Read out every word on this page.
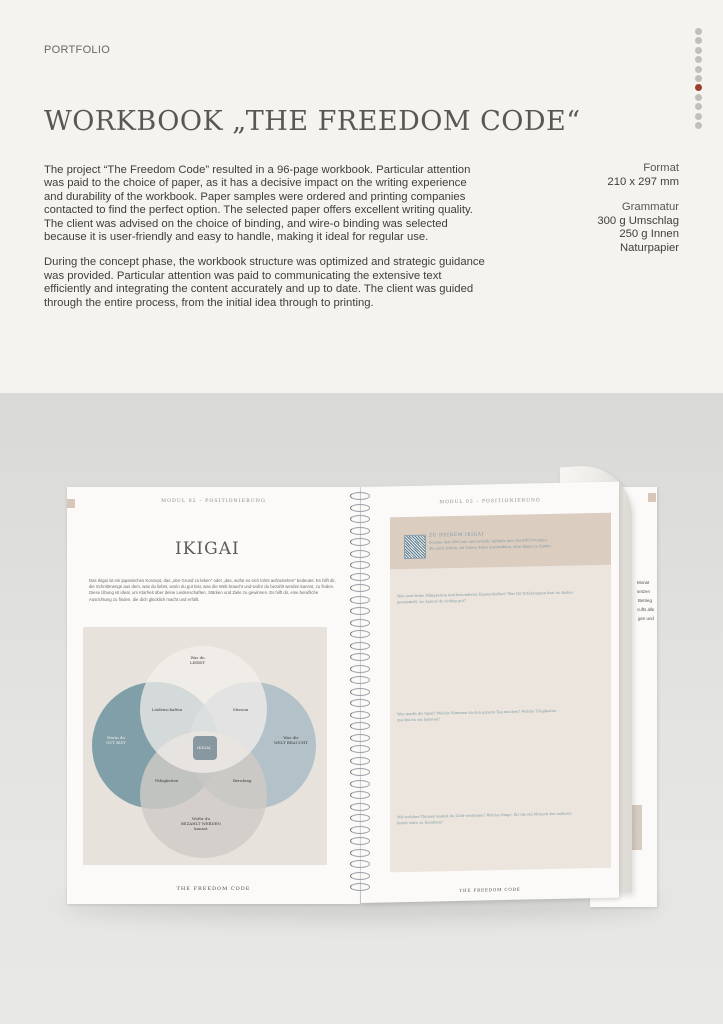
PORTFOLIO
WORKBOOK „THE FREEDOM CODE“

The project “The Freedom Code” resulted in a 96-page workbook. Particular attention was paid to the choice of paper, as it has a decisive impact on the writing experience and durability of the workbook. Paper samples were ordered and printing companies contacted to find the perfect option. The selected paper offers excellent writing quality. The client was advised on the choice of binding, and wire-o binding was selected because it is user-friendly and easy to handle, making it ideal for regular use.

During the concept phase, the workbook structure was optimized and strategic guidance was provided. Particular attention was paid to communicating the extensive text efficiently and integrating the content accurately and up to date. The client was guided through the entire process, from the initial idea through to printing.

Format
210 x 297 mm
Grammatur
300 g Umschlag
250 g Innen
Naturpapier
Monat
setzen
Betrieg
cufts alle
gen und
MODUL 02 – POSITIONIERUNG
IKIGAI
Das Ikigai ist ein japanisches Konzept, das „den Grund zu leben“ oder „das, wofür es sich lohnt aufzustehen“ bedeutet. Es hilft dir, die Schnittmenge aus dem, was du liebst, worin du gut bist, was die Welt braucht und wofür du bezahlt werden kannst, zu finden. Diese Übung ist ideal, um Klarheit über deine Leidenschaften, Stärken und Ziele zu gewinnen. Es hilft dir, eine berufliche Ausrichtung zu finden, die dich glücklich macht und erfüllt.
Was du
LIEBST
Worin du
GUT BIST
Was die
WELT BRAUCHT
Wofür du
BEZAHLT WERDEN
kannst
Leidenschaften	Mission
Fähigkeiten	Berufung
IKIGAI
THE FREEDOM CODE
MODUL 02 – POSITIONIERUNG
ZU DEINEM IKIGAI
Scanne den QR-Code und erstelle mithilfe des ChatGPT-Prompts,
die auch helfen, ihr Leben dabei anzuwählen, dein Ikigai zu finden.
Was sind deine Fähigkeiten und besonderen Eigenschaften? Was für Erfahrungen hast du bisher
gesammelt, wo kannst du richtig gut?
Was macht dir Spaß? Welche Stimmen du den ganzen Tag machen? Welche Tätigkeiten
machst du am liebsten?
Mit welchen Themen kannst du Geld verdienen? Welche Dinge, für die ein Mensch der anderen
bereit wäre zu bezahlen?
THE FREEDOM CODE
